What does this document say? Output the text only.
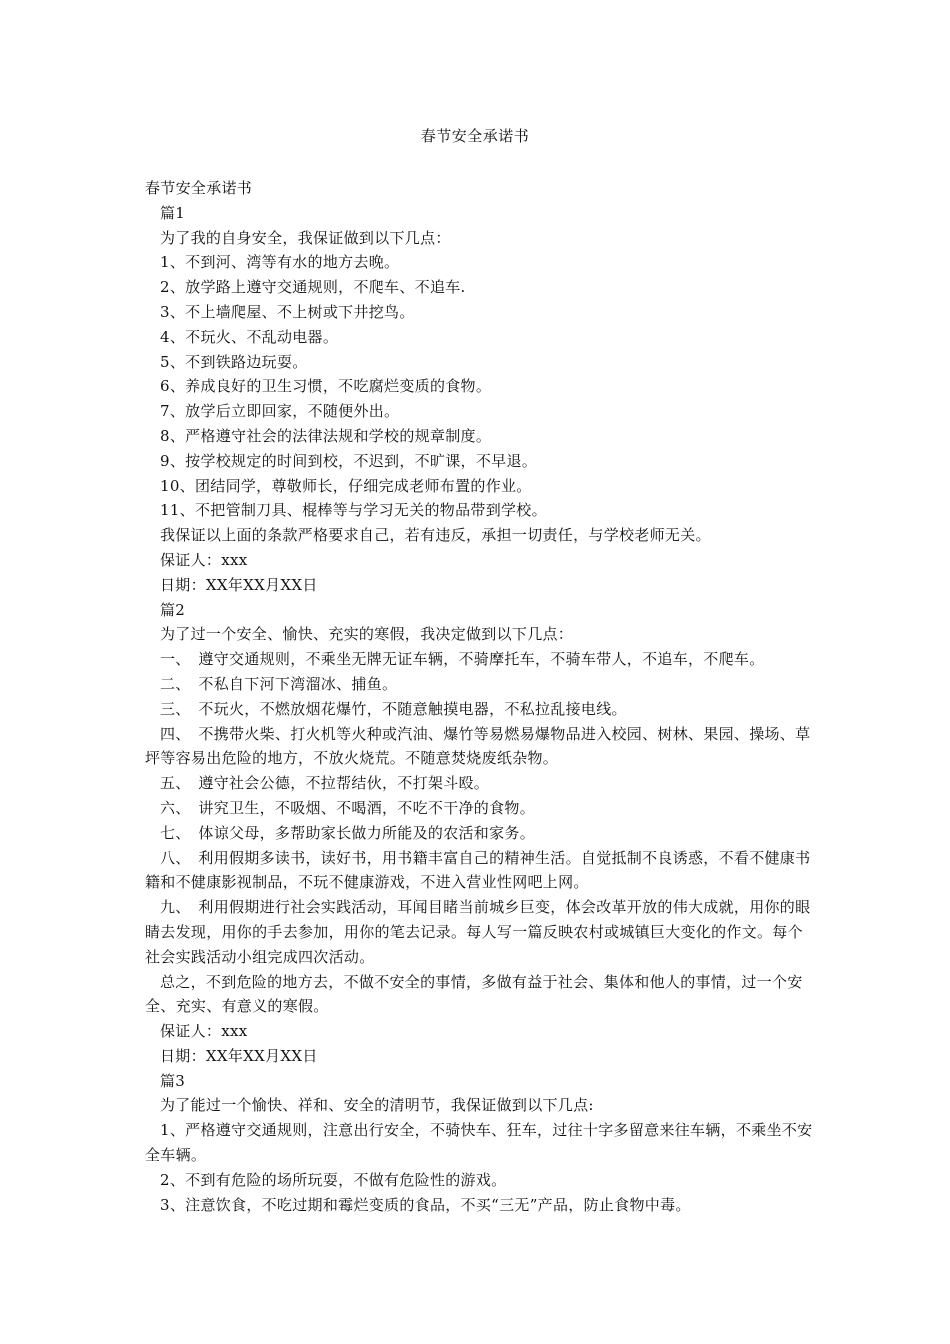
春节安全承诺书

春节安全承诺书

篇1

为了我的自身安全，我保证做到以下几点：

1、不到河、湾等有水的地方去晚。

2、放学路上遵守交通规则，不爬车、不追车.

3、不上墙爬屋、不上树或下井挖鸟。

4、不玩火、不乱动电器。

5、不到铁路边玩耍。

6、养成良好的卫生习惯，不吃腐烂变质的食物。

7、放学后立即回家，不随便外出。

8、严格遵守社会的法律法规和学校的规章制度。

9、按学校规定的时间到校，不迟到，不旷课，不早退。

10、团结同学，尊敬师长，仔细完成老师布置的作业。

11、不把管制刀具、棍棒等与学习无关的物品带到学校。

我保证以上面的条款严格要求自己，若有违反，承担一切责任，与学校老师无关。

保证人：xxx

日期：XX年XX月XX日

篇2

为了过一个安全、愉快、充实的寒假，我决定做到以下几点：

一、　遵守交通规则，不乘坐无牌无证车辆，不骑摩托车，不骑车带人，不追车，不爬车。

二、　不私自下河下湾溜冰、捕鱼。

三、　不玩火，不燃放烟花爆竹，不随意触摸电器，不私拉乱接电线。

四、　不携带火柴、打火机等火种或汽油、爆竹等易燃易爆物品进入校园、树林、果园、操场、草坪等容易出危险的地方，不放火烧荒。不随意焚烧废纸杂物。

五、　遵守社会公德，不拉帮结伙，不打架斗殴。

六、　讲究卫生，不吸烟、不喝酒，不吃不干净的食物。

七、　体谅父母，多帮助家长做力所能及的农活和家务。

八、　利用假期多读书，读好书，用书籍丰富自己的精神生活。自觉抵制不良诱惑，不看不健康书籍和不健康影视制品，不玩不健康游戏，不进入营业性网吧上网。

九、　利用假期进行社会实践活动，耳闻目睹当前城乡巨变，体会改革开放的伟大成就，用你的眼睛去发现，用你的手去参加，用你的笔去记录。每人写一篇反映农村或城镇巨大变化的作文。每个社会实践活动小组完成四次活动。

总之，不到危险的地方去，不做不安全的事情，多做有益于社会、集体和他人的事情，过一个安全、充实、有意义的寒假。

保证人：xxx

日期：XX年XX月XX日

篇3

为了能过一个愉快、祥和、安全的清明节，我保证做到以下几点:

1、严格遵守交通规则，注意出行安全，不骑快车、狂车，过往十字多留意来往车辆，不乘坐不安全车辆。

2、不到有危险的场所玩耍，不做有危险性的游戏。

3、注意饮食，不吃过期和霉烂变质的食品，不买“三无”产品，防止食物中毒。
